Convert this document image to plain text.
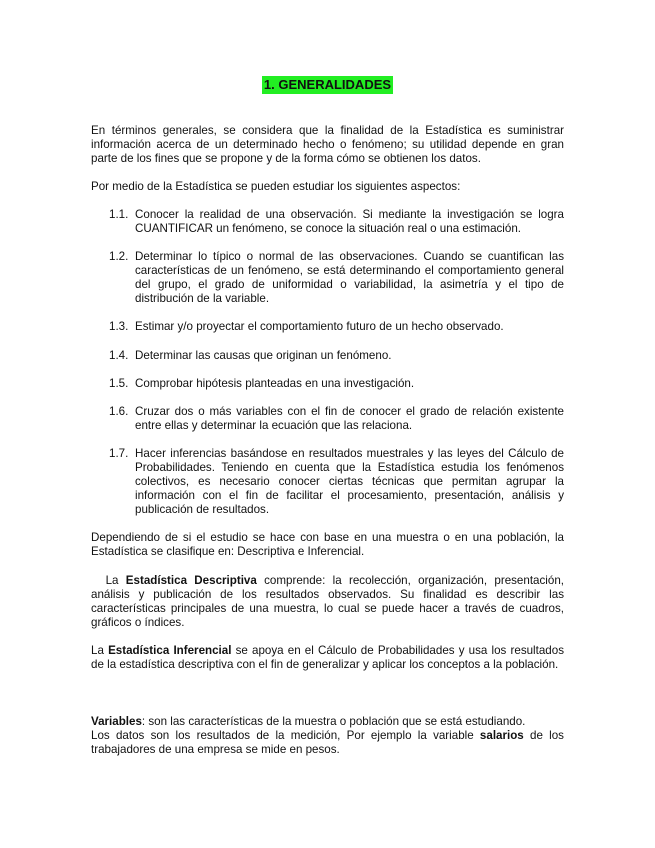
1. GENERALIDADES

En términos generales, se considera que la finalidad de la Estadística es suministrar información acerca de un determinado hecho o fenómeno; su utilidad depende en gran parte de los fines que se propone y de la forma cómo se obtienen los datos.

Por medio de la Estadística se pueden estudiar los siguientes aspectos:

1.1. Conocer la realidad de una observación. Si mediante la investigación se logra CUANTIFICAR un fenómeno, se conoce la situación real o una estimación.
1.2. Determinar lo típico o normal de las observaciones. Cuando se cuantifican las características de un fenómeno, se está determinando el comportamiento general del grupo, el grado de uniformidad o variabilidad, la asimetría y el tipo de distribución de la variable.
1.3. Estimar y/o proyectar el comportamiento futuro de un hecho observado.
1.4. Determinar las causas que originan un fenómeno.
1.5. Comprobar hipótesis planteadas en una investigación.
1.6. Cruzar dos o más variables con el fin de conocer el grado de relación existente entre ellas y determinar la ecuación que las relaciona.
1.7. Hacer inferencias basándose en resultados muestrales y las leyes del Cálculo de Probabilidades. Teniendo en cuenta que la Estadística estudia los fenómenos colectivos, es necesario conocer ciertas técnicas que permitan agrupar la información con el fin de facilitar el procesamiento, presentación, análisis y publicación de resultados.

Dependiendo de si el estudio se hace con base en una muestra o en una población, la Estadística se clasifique en: Descriptiva e Inferencial.

La Estadística Descriptiva comprende: la recolección, organización, presentación, análisis y publicación de los resultados observados. Su finalidad es describir las características principales de una muestra, lo cual se puede hacer a través de cuadros, gráficos o índices.

La Estadística Inferencial se apoya en el Cálculo de Probabilidades y usa los resultados de la estadística descriptiva con el fin de generalizar y aplicar los conceptos a la población.

Variables: son las características de la muestra o población que se está estudiando.
Los datos son los resultados de la medición, Por ejemplo la variable salarios de los trabajadores de una empresa se mide en pesos.
